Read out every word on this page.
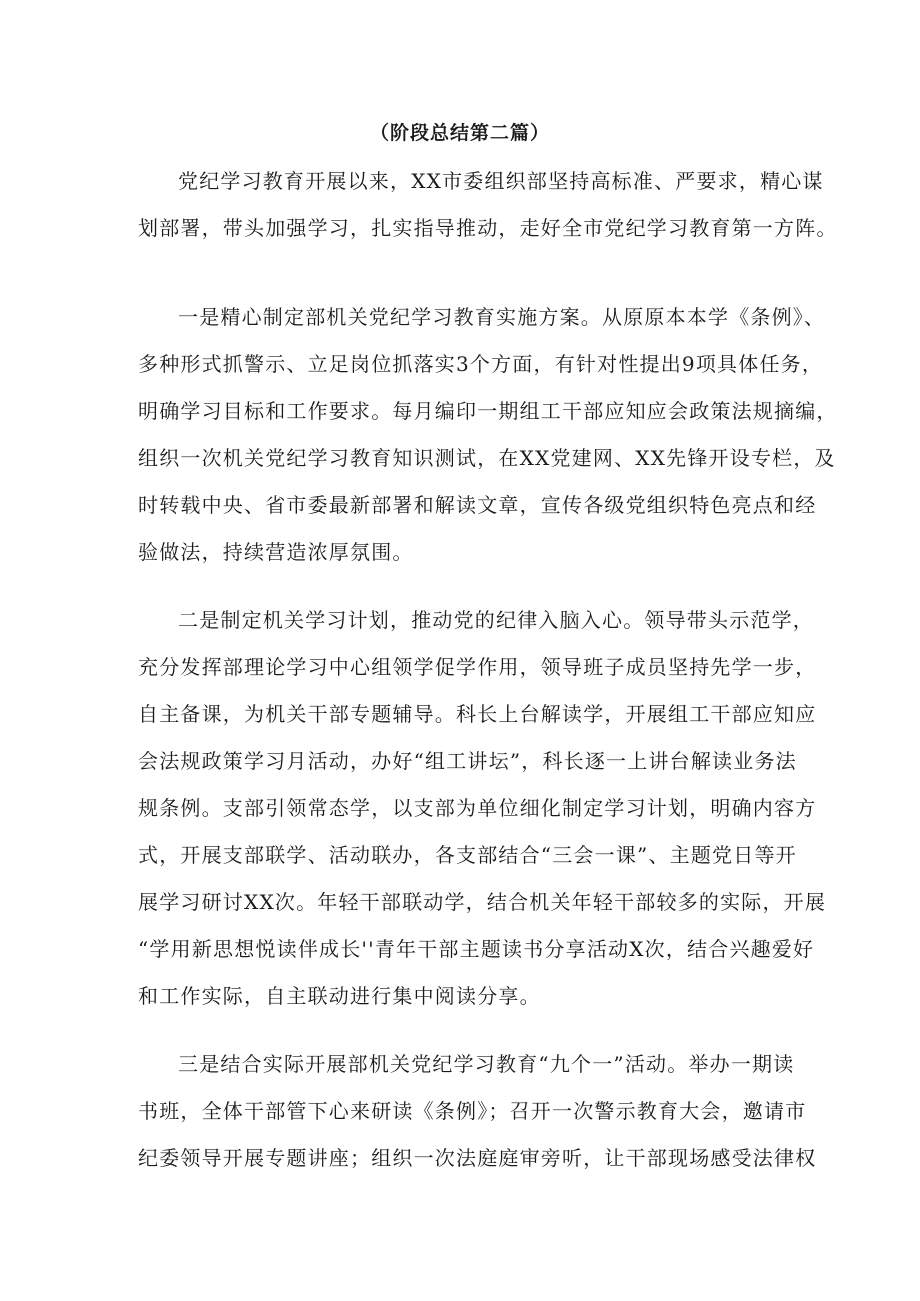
（阶段总结第二篇）
党纪学习教育开展以来，XX市委组织部坚持高标准、严要求，精心谋
划部署，带头加强学习，扎实指导推动，走好全市党纪学习教育第一方阵。
一是精心制定部机关党纪学习教育实施方案。从原原本本学《条例》、
多种形式抓警示、立足岗位抓落实3个方面，有针对性提出9项具体任务，
明确学习目标和工作要求。每月编印一期组工干部应知应会政策法规摘编，
组织一次机关党纪学习教育知识测试，在XX党建网、XX先锋开设专栏，及
时转载中央、省市委最新部署和解读文章，宣传各级党组织特色亮点和经
验做法，持续营造浓厚氛围。
二是制定机关学习计划，推动党的纪律入脑入心。领导带头示范学，
充分发挥部理论学习中心组领学促学作用，领导班子成员坚持先学一步，
自主备课，为机关干部专题辅导。科长上台解读学，开展组工干部应知应
会法规政策学习月活动，办好“组工讲坛”，科长逐一上讲台解读业务法
规条例。支部引领常态学，以支部为单位细化制定学习计划，明确内容方
式，开展支部联学、活动联办，各支部结合“三会一课”、主题党日等开
展学习研讨XX次。年轻干部联动学，结合机关年轻干部较多的实际，开展
“学用新思想悦读伴成长''青年干部主题读书分享活动X次，结合兴趣爱好
和工作实际，自主联动进行集中阅读分享。
三是结合实际开展部机关党纪学习教育“九个一”活动。举办一期读
书班，全体干部管下心来研读《条例》；召开一次警示教育大会，邀请市
纪委领导开展专题讲座；组织一次法庭庭审旁听，让干部现场感受法律权
